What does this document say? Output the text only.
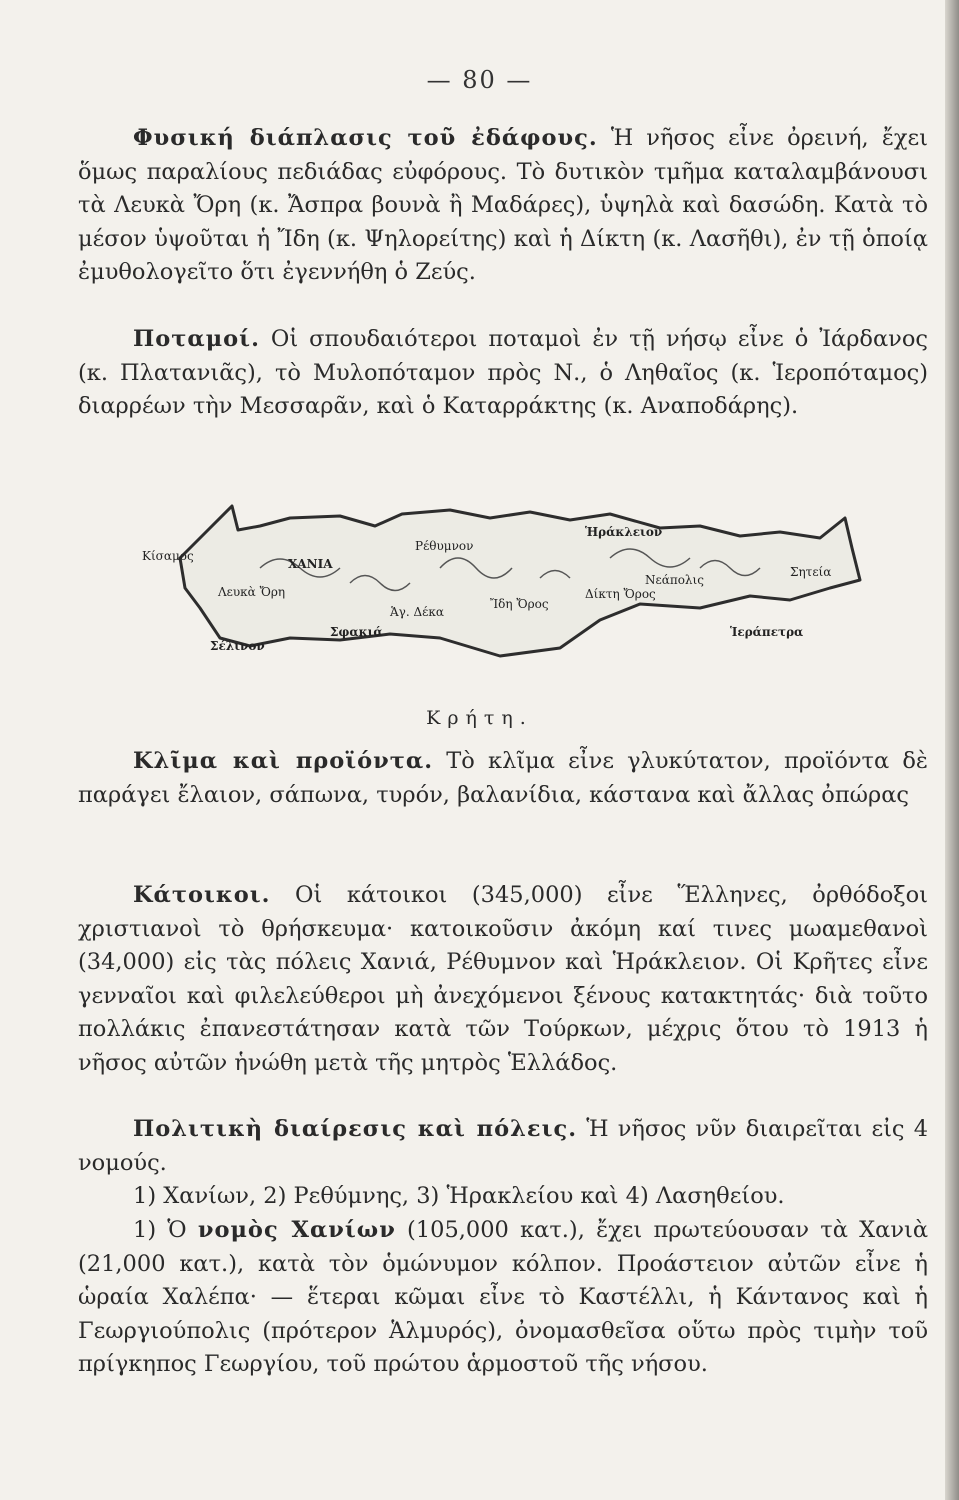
— 80 —

Φυσική διάπλασις τοῦ ἐδάφους. Ἡ νῆσος εἶνε ὀρεινή, ἔχει ὅμως παραλίους πεδιάδας εὐφόρους. Τὸ δυτικὸν τμῆμα καταλαμβάνουσι τὰ Λευκὰ Ὄρη (κ. Ἄσπρα βουνὰ ἢ Μαδάρες), ὑψηλὰ καὶ δασώδη. Κατὰ τὸ μέσον ὑψοῦται ἡ Ἴδη (κ. Ψηλορείτης) καὶ ἡ Δίκτη (κ. Λασῆθι), ἐν τῇ ὁποίᾳ ἐμυθολογεῖτο ὅτι ἐγεννήθη ὁ Ζεύς.

Ποταμοί. Οἱ σπουδαιότεροι ποταμοὶ ἐν τῇ νήσῳ εἶνε ὁ Ἰάρδανος (κ. Πλατανιᾶς), τὸ Μυλοπόταμον πρὸς Ν., ὁ Ληθαῖος (κ. Ἱεροπόταμος) διαρρέων τὴν Μεσσαρᾶν, καὶ ὁ Καταρράκτης (κ. Αναποδάρης).

Κίσαμος
ΧΑΝΙΑ
Λευκὰ Ὄρη
Ρέθυμνον
Ἡράκλειον
Ἴδη Ὄρος
Νεάπολις
Δίκτη Ὄρος
Σητεία
Σφακιά
Ἁγ. Δέκα
Ἱεράπετρα
Σέλινον
Κρήτη.

Κλῖμα καὶ προϊόντα. Τὸ κλῖμα εἶνε γλυκύτατον, προϊόντα δὲ παράγει ἔλαιον, σάπωνα, τυρόν, βαλανίδια, κάστανα καὶ ἄλλας ὀπώρας

Κάτοικοι. Οἱ κάτοικοι (345,000) εἶνε Ἕλληνες, ὀρθόδοξοι χριστιανοὶ τὸ θρήσκευμα· κατοικοῦσιν ἀκόμη καί τινες μωαμεθανοὶ (34,000) εἰς τὰς πόλεις Χανιά, Ρέθυμνον καὶ Ἡράκλειον. Οἱ Κρῆτες εἶνε γενναῖοι καὶ φιλελεύθεροι μὴ ἀνεχόμενοι ξένους κατακτητάς· διὰ τοῦτο πολλάκις ἐπανεστάτησαν κατὰ τῶν Τούρκων, μέχρις ὅτου τὸ 1913 ἡ νῆσος αὐτῶν ἡνώθη μετὰ τῆς μητρὸς Ἑλλάδος.

Πολιτικὴ διαίρεσις καὶ πόλεις. Ἡ νῆσος νῦν διαιρεῖται εἰς 4 νομούς.

1) Χανίων, 2) Ρεθύμνης, 3) Ἡρακλείου καὶ 4) Λασηθείου.

1) Ὁ νομὸς Χανίων (105,000 κατ.), ἔχει πρωτεύουσαν τὰ Χανιὰ (21,000 κατ.), κατὰ τὸν ὁμώνυμον κόλπον. Προάστειον αὐτῶν εἶνε ἡ ὡραία Χαλέπα· — ἕτεραι κῶμαι εἶνε τὸ Καστέλλι, ἡ Κάντανος καὶ ἡ Γεωργιούπολις (πρότερον Ἁλμυρός), ὀνομασθεῖσα οὕτω πρὸς τιμὴν τοῦ πρίγκηπος Γεωργίου, τοῦ πρώτου ἁρμοστοῦ τῆς νήσου.
